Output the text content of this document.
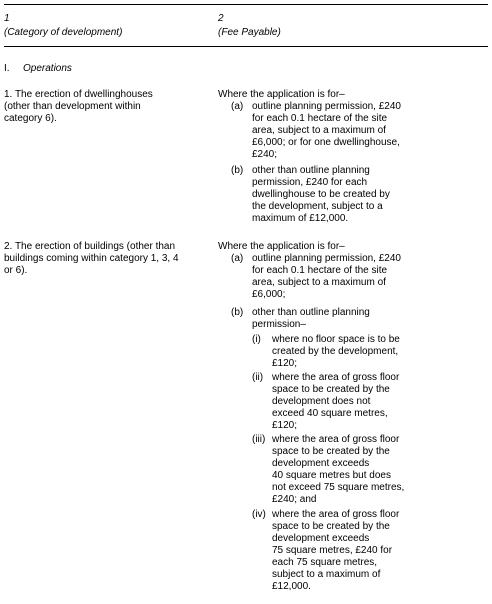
1
(Category of development)
2
(Fee Payable)
I. Operations
1. The erection of dwellinghouses
(other than development within
category 6).
Where the application is for–
(a) outline planning permission, £240
for each 0.1 hectare of the site
area, subject to a maximum of
£6,000; or for one dwellinghouse,
£240;
(b) other than outline planning
permission, £240 for each
dwellinghouse to be created by
the development, subject to a
maximum of £12,000.
2. The erection of buildings (other than
buildings coming within category 1, 3, 4
or 6).
Where the application is for–
(a) outline planning permission, £240
for each 0.1 hectare of the site
area, subject to a maximum of
£6,000;
(b) other than outline planning
permission–
(i) where no floor space is to be
created by the development,
£120;
(ii) where the area of gross floor
space to be created by the
development does not
exceed 40 square metres,
£120;
(iii) where the area of gross floor
space to be created by the
development exceeds
40 square metres but does
not exceed 75 square metres,
£240; and
(iv) where the area of gross floor
space to be created by the
development exceeds
75 square metres, £240 for
each 75 square metres,
subject to a maximum of
£12,000.
